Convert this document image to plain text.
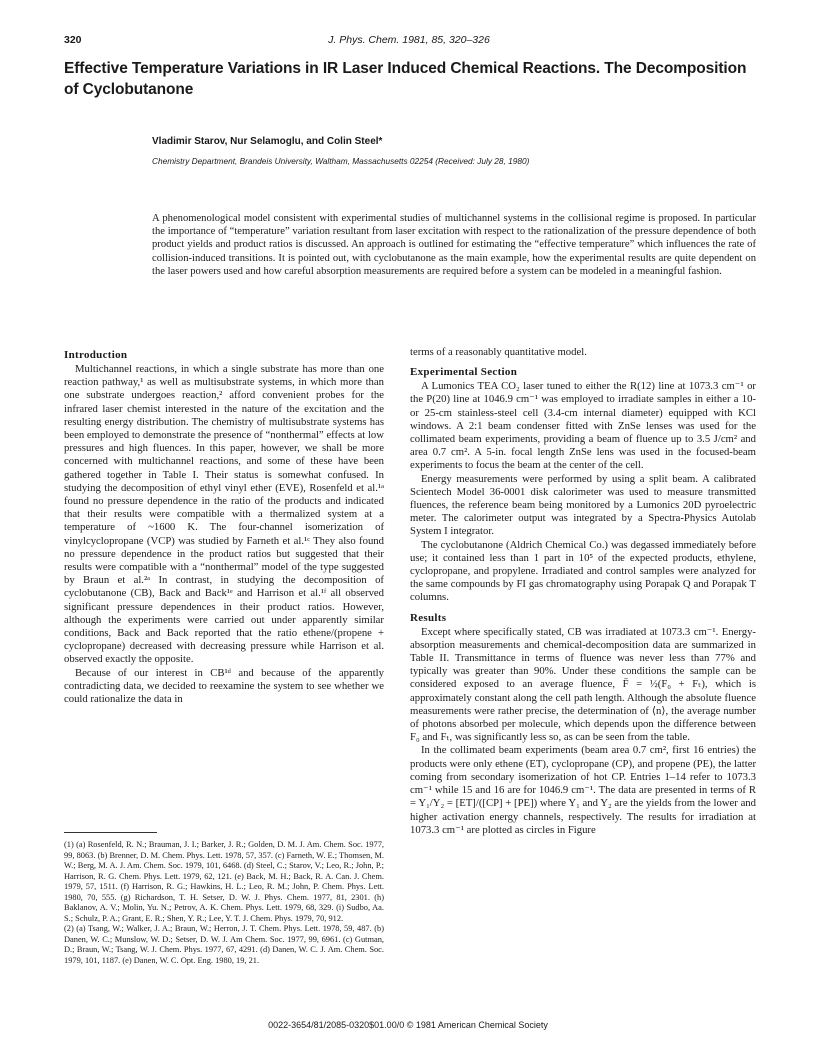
320	J. Phys. Chem. 1981, 85, 320–326
Effective Temperature Variations in IR Laser Induced Chemical Reactions. The Decomposition of Cyclobutanone
Vladimir Starov, Nur Selamoglu, and Colin Steel*
Chemistry Department, Brandeis University, Waltham, Massachusetts 02254 (Received: July 28, 1980)
A phenomenological model consistent with experimental studies of multichannel systems in the collisional regime is proposed. In particular the importance of “temperature” variation resultant from laser excitation with respect to the rationalization of the pressure dependence of both product yields and product ratios is discussed. An approach is outlined for estimating the “effective temperature” which influences the rate of collision-induced transitions. It is pointed out, with cyclobutanone as the main example, how the experimental results are quite dependent on the laser powers used and how careful absorption measurements are required before a system can be modeled in a meaningful fashion.
Introduction

Multichannel reactions, in which a single substrate has more than one reaction pathway,¹ as well as multisubstrate systems, in which more than one substrate undergoes reaction,² afford convenient probes for the infrared laser chemist interested in the nature of the excitation and the resulting energy distribution. The chemistry of multisubstrate systems has been employed to demonstrate the presence of “nonthermal” effects at low pressures and high fluences. In this paper, however, we shall be more concerned with multichannel reactions, and some of these have been gathered together in Table I. Their status is somewhat confused. In studying the decomposition of ethyl vinyl ether (EVE), Rosenfeld et al.¹ᵃ found no pressure dependence in the ratio of the products and indicated that their results were compatible with a thermalized system at a temperature of ~1600 K. The four-channel isomerization of vinylcyclopropane (VCP) was studied by Farneth et al.¹ᶜ They also found no pressure dependence in the product ratios but suggested that their results were compatible with a “nonthermal” model of the type suggested by Braun et al.²ᵃ In contrast, in studying the decomposition of cyclobutanone (CB), Back and Back¹ᵉ and Harrison et al.¹ᶠ all observed significant pressure dependences in their product ratios. However, although the experiments were carried out under apparently similar conditions, Back and Back reported that the ratio ethene/(propene + cyclopropane) decreased with decreasing pressure while Harrison et al. observed exactly the opposite.

Because of our interest in CB¹ᵈ and because of the apparently contradicting data, we decided to reexamine the system to see whether we could rationalize the data in

(1) (a) Rosenfeld, R. N.; Brauman, J. I.; Barker, J. R.; Golden, D. M. J. Am. Chem. Soc. 1977, 99, 8063. (b) Brenner, D. M. Chem. Phys. Lett. 1978, 57, 357. (c) Farneth, W. E.; Thomsen, M. W.; Berg, M. A. J. Am. Chem. Soc. 1979, 101, 6468. (d) Steel, C.; Starov, V.; Leo, R.; John, P.; Harrison, R. G. Chem. Phys. Lett. 1979, 62, 121. (e) Back, M. H.; Back, R. A. Can. J. Chem. 1979, 57, 1511. (f) Harrison, R. G.; Hawkins, H. L.; Leo, R. M.; John, P. Chem. Phys. Lett. 1980, 70, 555. (g) Richardson, T. H. Setser, D. W. J. Phys. Chem. 1977, 81, 2301. (h) Baklanov, A. V.; Molin, Yu. N.; Petrov, A. K. Chem. Phys. Lett. 1979, 68, 329. (i) Sudbo, Aa. S.; Schulz, P. A.; Grant, E. R.; Shen, Y. R.; Lee, Y. T. J. Chem. Phys. 1979, 70, 912.

(2) (a) Tsang, W.; Walker, J. A.; Braun, W.; Herron, J. T. Chem. Phys. Lett. 1978, 59, 487. (b) Danen, W. C.; Munslow, W. D.; Setser, D. W. J. Am Chem. Soc. 1977, 99, 6961. (c) Gutman, D.; Braun, W.; Tsang, W. J. Chem. Phys. 1977, 67, 4291. (d) Danen, W. C. J. Am. Chem. Soc. 1979, 101, 1187. (e) Danen, W. C. Opt. Eng. 1980, 19, 21.

terms of a reasonably quantitative model.

Experimental Section

A Lumonics TEA CO₂ laser tuned to either the R(12) line at 1073.3 cm⁻¹ or the P(20) line at 1046.9 cm⁻¹ was employed to irradiate samples in either a 10- or 25-cm stainless-steel cell (3.4-cm internal diameter) equipped with KCl windows. A 2:1 beam condenser fitted with ZnSe lenses was used for the collimated beam experiments, providing a beam of fluence up to 3.5 J/cm² and area 0.7 cm². A 5-in. focal length ZnSe lens was used in the focused-beam experiments to focus the beam at the center of the cell.

Energy measurements were performed by using a split beam. A calibrated Scientech Model 36-0001 disk calorimeter was used to measure transmitted fluences, the reference beam being monitored by a Lumonics 20D pyroelectric meter. The calorimeter output was integrated by a Spectra-Physics Autolab System I integrator.

The cyclobutanone (Aldrich Chemical Co.) was degassed immediately before use; it contained less than 1 part in 10⁵ of the expected products, ethylene, cyclopropane, and propylene. Irradiated and control samples were analyzed for the same compounds by FI gas chromatography using Porapak Q and Porapak T columns.

Results

Except where specifically stated, CB was irradiated at 1073.3 cm⁻¹. Energy-absorption measurements and chemical-decomposition data are summarized in Table II. Transmittance in terms of fluence was never less than 77% and typically was greater than 90%. Under these conditions the sample can be considered exposed to an average fluence, F̄ = ½(F₀ + Fₜ), which is approximately constant along the cell path length. Although the absolute fluence measurements were rather precise, the determination of ⟨n⟩, the average number of photons absorbed per molecule, which depends upon the difference between F₀ and Fₜ, was significantly less so, as can be seen from the table.

In the collimated beam experiments (beam area 0.7 cm², first 16 entries) the products were only ethene (ET), cyclopropane (CP), and propene (PE), the latter coming from secondary isomerization of hot CP. Entries 1–14 refer to 1073.3 cm⁻¹ while 15 and 16 are for 1046.9 cm⁻¹. The data are presented in terms of R = Y₁/Y₂ = [ET]/([CP] + [PE]) where Y₁ and Y₂ are the yields from the lower and higher activation energy channels, respectively. The results for irradiation at 1073.3 cm⁻¹ are plotted as circles in Figure

0022-3654/81/2085-0320$01.00/0 © 1981 American Chemical Society
